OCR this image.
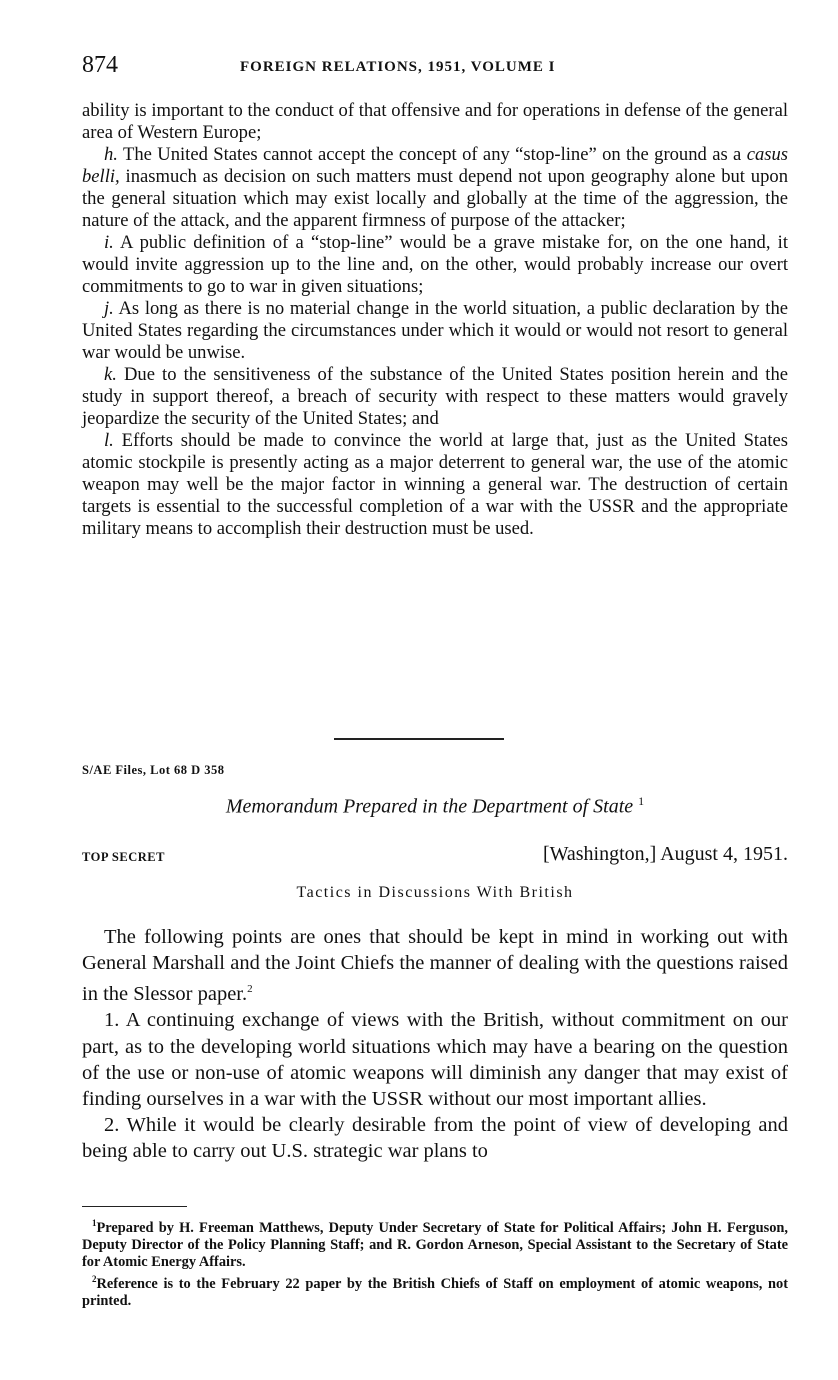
874	FOREIGN RELATIONS, 1951, VOLUME I

ability is important to the conduct of that offensive and for operations in defense of the general area of Western Europe;

h. The United States cannot accept the concept of any “stop-line” on the ground as a casus belli, inasmuch as decision on such matters must depend not upon geography alone but upon the general situation which may exist locally and globally at the time of the aggression, the nature of the attack, and the apparent firmness of purpose of the attacker;

i. A public definition of a “stop-line” would be a grave mistake for, on the one hand, it would invite aggression up to the line and, on the other, would probably increase our overt commitments to go to war in given situations;

j. As long as there is no material change in the world situation, a public declaration by the United States regarding the circumstances under which it would or would not resort to general war would be unwise.

k. Due to the sensitiveness of the substance of the United States position herein and the study in support thereof, a breach of security with respect to these matters would gravely jeopardize the security of the United States; and

l. Efforts should be made to convince the world at large that, just as the United States atomic stockpile is presently acting as a major deterrent to general war, the use of the atomic weapon may well be the major factor in winning a general war. The destruction of certain targets is essential to the successful completion of a war with the USSR and the appropriate military means to accomplish their destruction must be used.

S/AE Files, Lot 68 D 358
Memorandum Prepared in the Department of State $^1$
TOP SECRET	[Washington,] August 4, 1951.
Tactics in Discussions With British

The following points are ones that should be kept in mind in working out with General Marshall and the Joint Chiefs the manner of dealing with the questions raised in the Slessor paper.$^2$

1. A continuing exchange of views with the British, without commitment on our part, as to the developing world situations which may have a bearing on the question of the use or non-use of atomic weapons will diminish any danger that may exist of finding ourselves in a war with the USSR without our most important allies.

2. While it would be clearly desirable from the point of view of developing and being able to carry out U.S. strategic war plans to

$^1$Prepared by H. Freeman Matthews, Deputy Under Secretary of State for Political Affairs; John H. Ferguson, Deputy Director of the Policy Planning Staff; and R. Gordon Arneson, Special Assistant to the Secretary of State for Atomic Energy Affairs.

$^2$Reference is to the February 22 paper by the British Chiefs of Staff on employment of atomic weapons, not printed.
